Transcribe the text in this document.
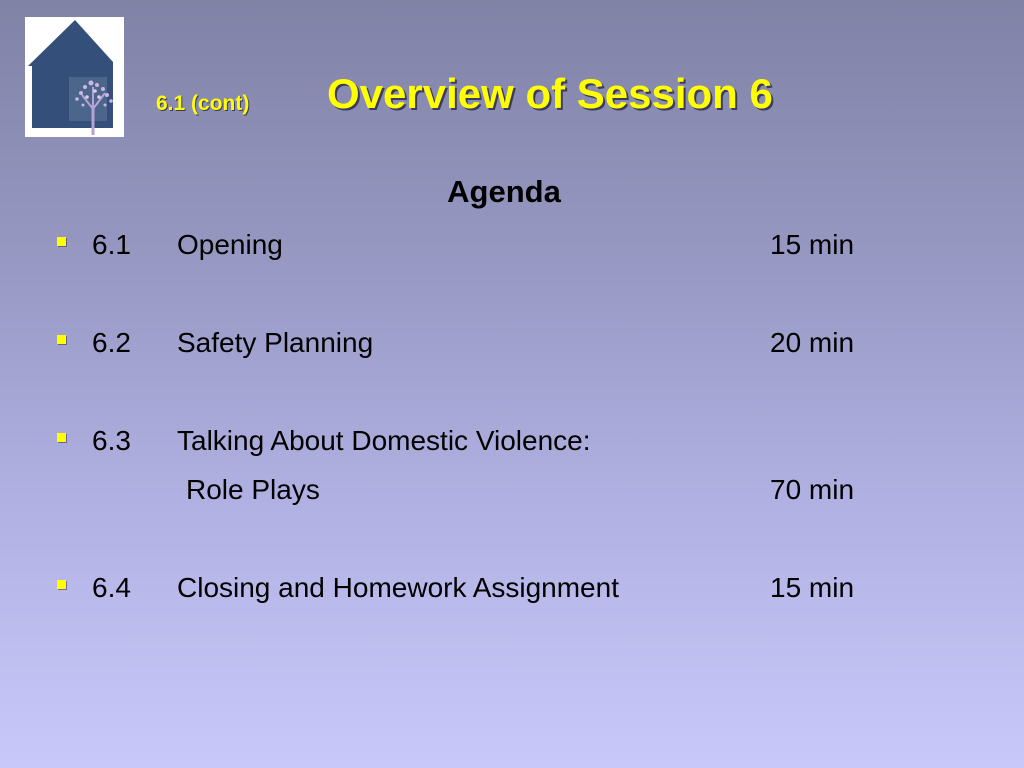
6.1 (cont) Overview of Session 6
Agenda
6.1 Opening	15 min
6.2 Safety Planning	20 min
6.3 Talking About Domestic Violence:
Role Plays	70 min
6.4 Closing and Homework Assignment	15 min
